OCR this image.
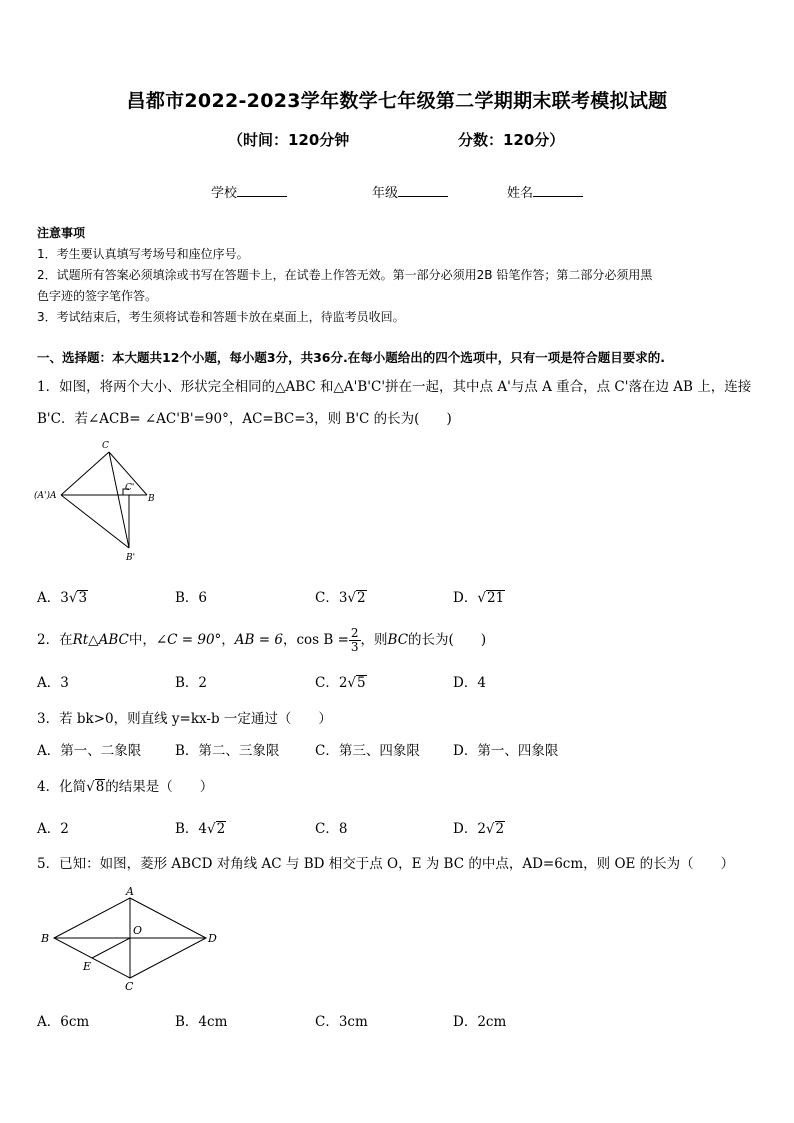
昌都市2022-2023学年数学七年级第二学期期末联考模拟试题
（时间：120分钟	分数：120分）
学校	年级	姓名
注意事项
1．考生要认真填写考场号和座位序号。
2．试题所有答案必须填涂或书写在答题卡上，在试卷上作答无效。第一部分必须用2B 铅笔作答；第二部分必须用黑
色字迹的签字笔作答。
3．考试结束后，考生须将试卷和答题卡放在桌面上，待监考员收回。
一、选择题：本大题共12个小题，每小题3分，共36分.在每小题给出的四个选项中，只有一项是符合题目要求的.
1．如图，将两个大小、形状完全相同的△ABC 和△A'B'C'拼在一起，其中点 A'与点 A 重合，点 C'落在边 AB 上，连接
B'C．若∠ACB= ∠AC'B'=90°，AC=BC=3，则 B'C 的长为(　　)
C
(A')A
C'
B
B'
A．3√3	B．6	C．3√2	D．√21
2．在Rt△ABC中，∠C = 90°，AB = 6，$\cos B = \frac{2}{3}$ ，则BC的长为(　　)
A．3	B．2	C．2√5	D．4
3．若 bk>0，则直线 y=kx-b 一定通过（　　）
A．第一、二象限	B．第二、三象限	C．第三、四象限 D．第一、四象限
4．化简√8的结果是（　　）
A．2	B．4√2	C．8	D．2√2
5．已知：如图，菱形 ABCD 对角线 AC 与 BD 相交于点 O，E 为 BC 的中点，AD=6cm，则 OE 的长为（　　）
A
B
O
D
E
C
A．6cm	B．4cm	C．3cm	D．2cm
